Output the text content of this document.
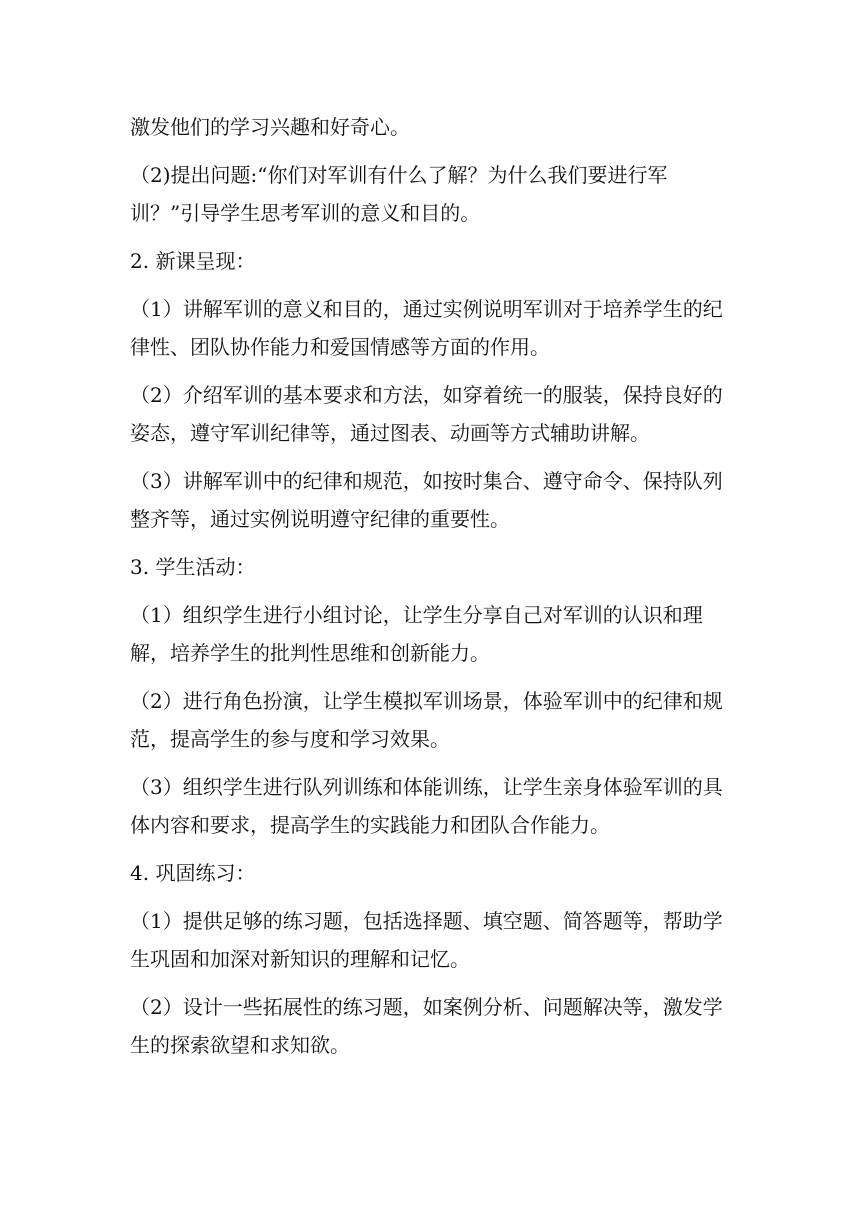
激发他们的学习兴趣和好奇心。

（2)提出问题:“你们对军训有什么了解？为什么我们要进行军训？”引导学生思考军训的意义和目的。

2. 新课呈现：

（1）讲解军训的意义和目的，通过实例说明军训对于培养学生的纪律性、团队协作能力和爱国情感等方面的作用。

（2）介绍军训的基本要求和方法，如穿着统一的服装，保持良好的姿态，遵守军训纪律等，通过图表、动画等方式辅助讲解。

（3）讲解军训中的纪律和规范，如按时集合、遵守命令、保持队列整齐等，通过实例说明遵守纪律的重要性。

3. 学生活动：

（1）组织学生进行小组讨论，让学生分享自己对军训的认识和理解，培养学生的批判性思维和创新能力。

（2）进行角色扮演，让学生模拟军训场景，体验军训中的纪律和规范，提高学生的参与度和学习效果。

（3）组织学生进行队列训练和体能训练，让学生亲身体验军训的具体内容和要求，提高学生的实践能力和团队合作能力。

4. 巩固练习：

（1）提供足够的练习题，包括选择题、填空题、简答题等，帮助学生巩固和加深对新知识的理解和记忆。

（2）设计一些拓展性的练习题，如案例分析、问题解决等，激发学生的探索欲望和求知欲。
